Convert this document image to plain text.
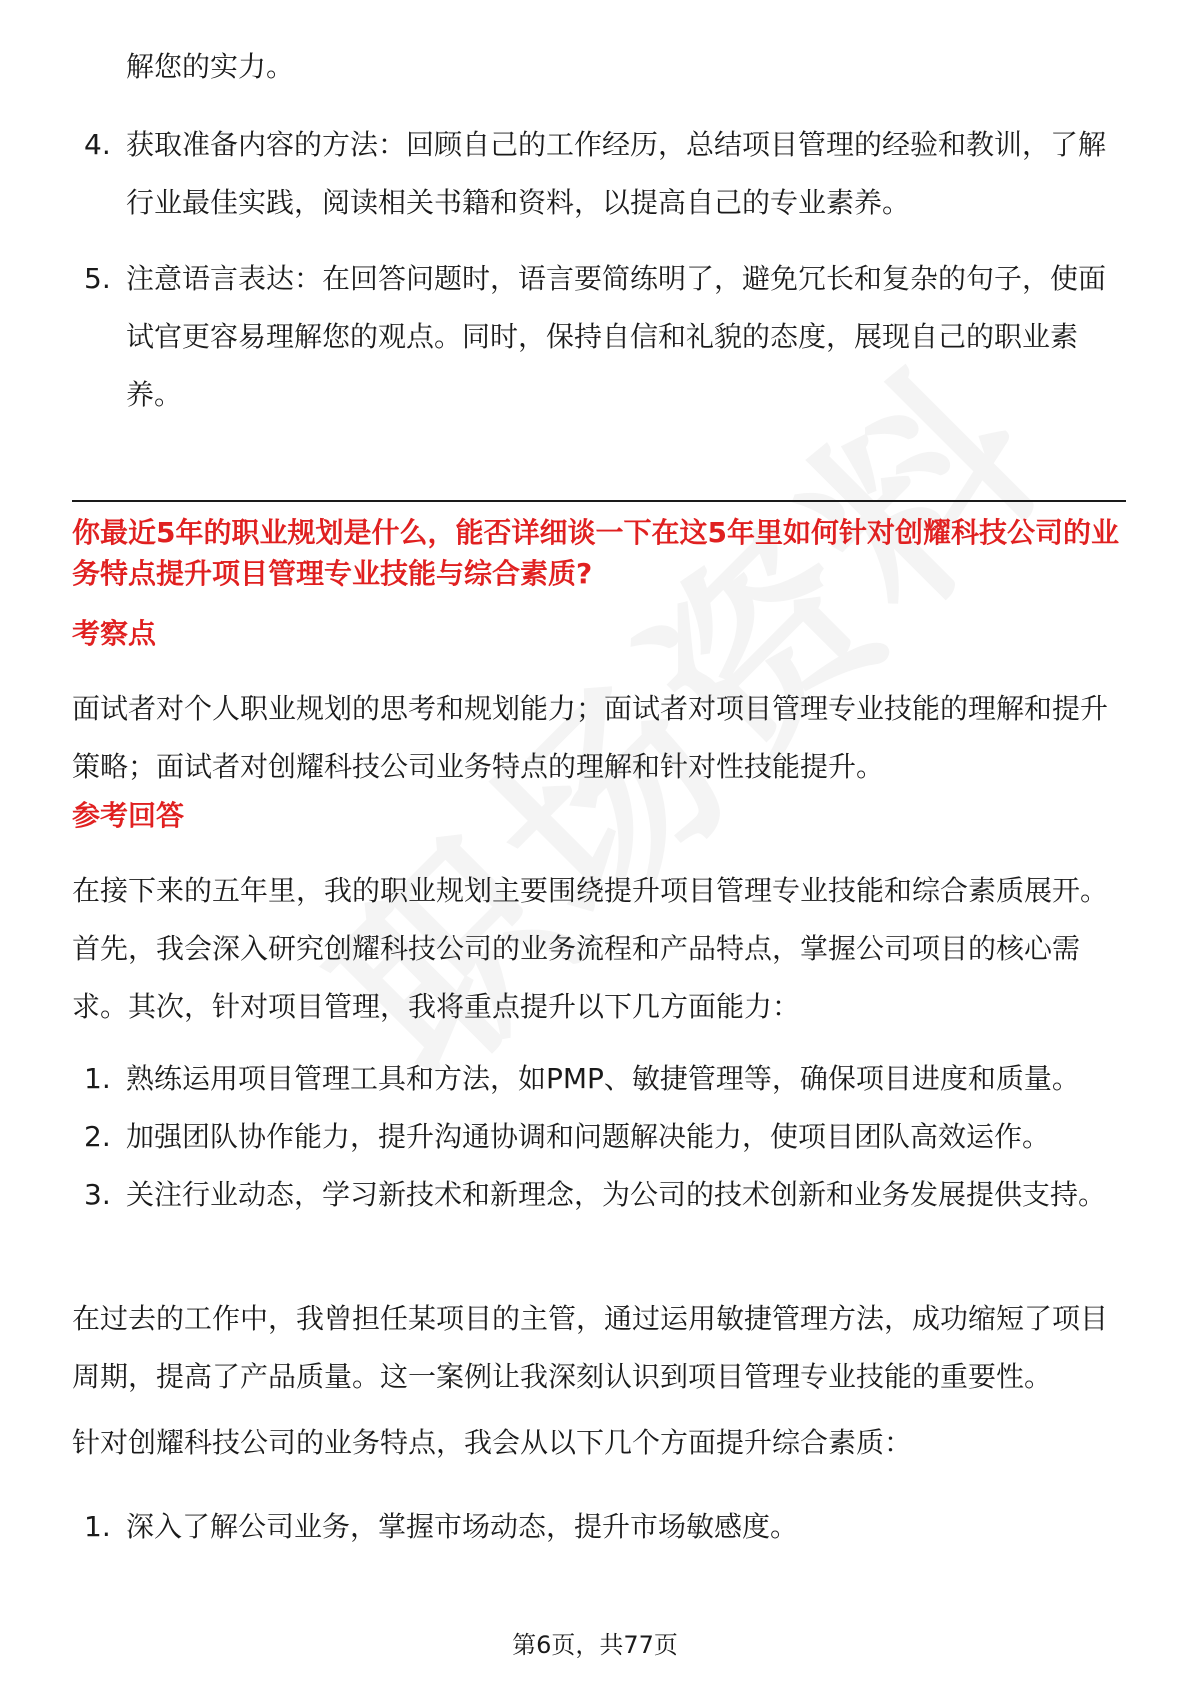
解您的实力。
4. 获取准备内容的方法：回顾自己的工作经历，总结项目管理的经验和教训，了解行业最佳实践，阅读相关书籍和资料，以提高自己的专业素养。
5. 注意语言表达：在回答问题时，语言要简练明了，避免冗长和复杂的句子，使面试官更容易理解您的观点。同时，保持自信和礼貌的态度，展现自己的职业素养。
你最近5年的职业规划是什么，能否详细谈一下在这5年里如何针对创耀科技公司的业务特点提升项目管理专业技能与综合素质?
考察点
面试者对个人职业规划的思考和规划能力；面试者对项目管理专业技能的理解和提升策略；面试者对创耀科技公司业务特点的理解和针对性技能提升。
参考回答
在接下来的五年里，我的职业规划主要围绕提升项目管理专业技能和综合素质展开。首先，我会深入研究创耀科技公司的业务流程和产品特点，掌握公司项目的核心需求。其次，针对项目管理，我将重点提升以下几方面能力：
1. 熟练运用项目管理工具和方法，如PMP、敏捷管理等，确保项目进度和质量。
2. 加强团队协作能力，提升沟通协调和问题解决能力，使项目团队高效运作。
3. 关注行业动态，学习新技术和新理念，为公司的技术创新和业务发展提供支持。
在过去的工作中，我曾担任某项目的主管，通过运用敏捷管理方法，成功缩短了项目周期，提高了产品质量。这一案例让我深刻认识到项目管理专业技能的重要性。
针对创耀科技公司的业务特点，我会从以下几个方面提升综合素质：
1. 深入了解公司业务，掌握市场动态，提升市场敏感度。
第6页，共77页
